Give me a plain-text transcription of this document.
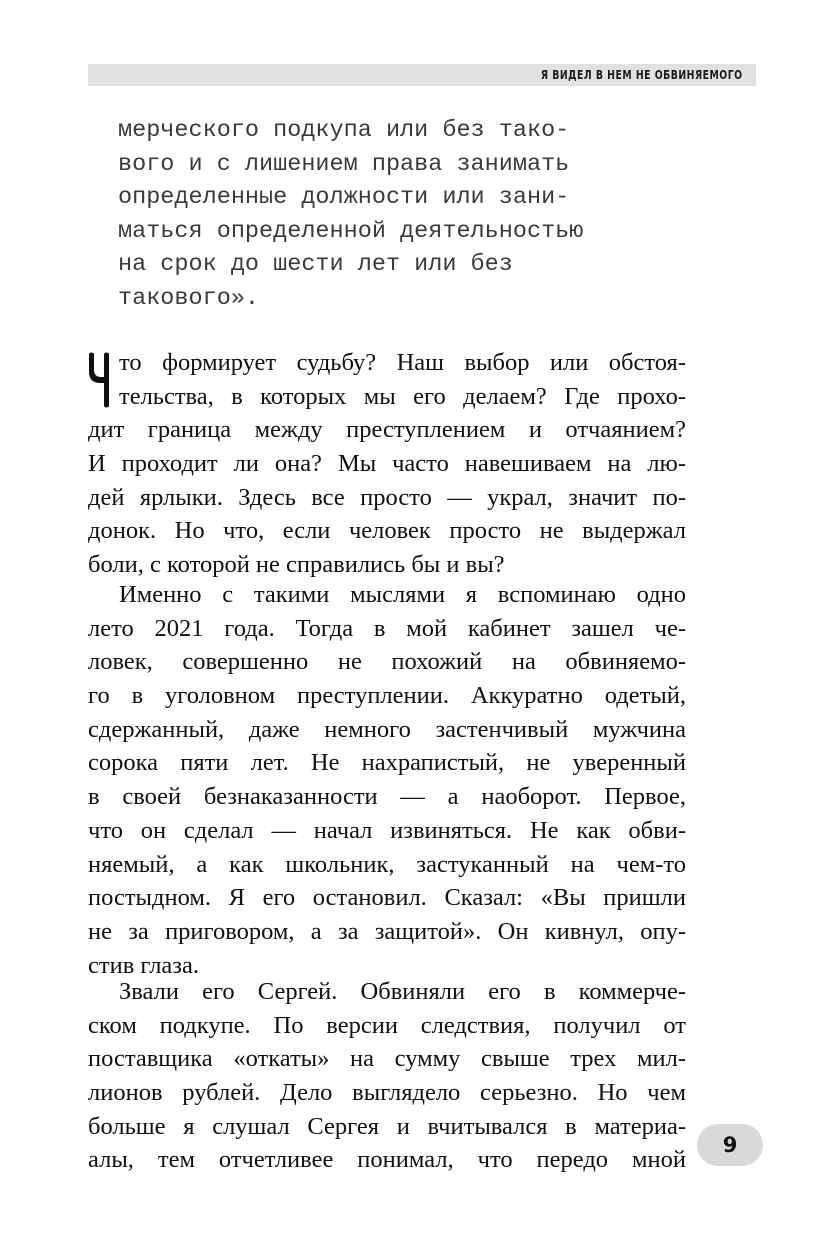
Я ВИДЕЛ В НЕМ НЕ ОБВИНЯЕМОГО
мерческого подкупа или без тако-
вого и с лишением права занимать
определенные должности или зани-
маться определенной деятельностью
на срок до шести лет или без
такового».
то формирует судьбу? Наш выбор или обстоя-
тельства, в которых мы его делаем? Где прохо-
дит граница между преступлением и отчаянием?
И проходит ли она? Мы часто навешиваем на лю-
дей ярлыки. Здесь все просто — украл, значит по-
донок. Но что, если человек просто не выдержал
боли, с которой не справились бы и вы?
Именно с такими мыслями я вспоминаю одно
лето 2021 года. Тогда в мой кабинет зашел че-
ловек, совершенно не похожий на обвиняемо-
го в уголовном преступлении. Аккуратно одетый,
сдержанный, даже немного застенчивый мужчина
сорока пяти лет. Не нахрапистый, не уверенный
в своей безнаказанности — а наоборот. Первое,
что он сделал — начал извиняться. Не как обви-
няемый, а как школьник, застуканный на чем-то
постыдном. Я его остановил. Сказал: «Вы пришли
не за приговором, а за защитой». Он кивнул, опу-
стив глаза.
Звали его Сергей. Обвиняли его в коммерче-
ском подкупе. По версии следствия, получил от
поставщика «откаты» на сумму свыше трех мил-
лионов рублей. Дело выглядело серьезно. Но чем
больше я слушал Сергея и вчитывался в материа-
алы, тем отчетливее понимал, что передо мной
9
